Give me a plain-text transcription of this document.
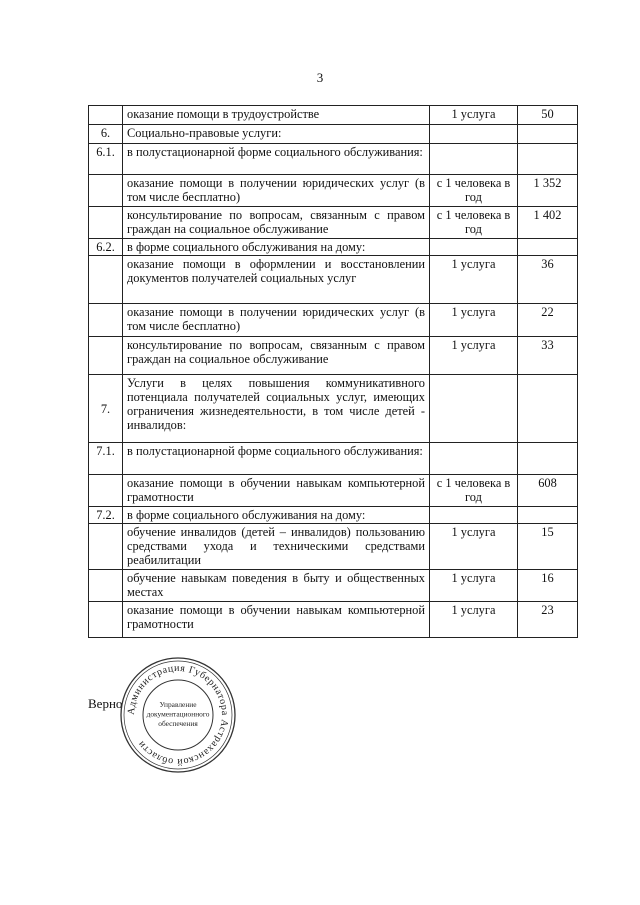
3
	оказание помощи в трудоустройстве	1 услуга	50
6.	Социально-правовые услуги:		
6.1.	в полустационарной форме социального обслуживания:		
	оказание помощи в получении юридических услуг (в том числе бесплатно)	с 1 человека в год	1 352
	консультирование по вопросам, связанным с правом граждан на социальное обслуживание	с 1 человека в год	1 402
6.2.	в форме социального обслуживания на дому:		
	оказание помощи в оформлении и восстановлении документов получателей социальных услуг	1 услуга	36
	оказание помощи в получении юридических услуг (в том числе бесплатно)	1 услуга	22
	консультирование по вопросам, связанным с правом граждан на социальное обслуживание	1 услуга	33
7.	Услуги в целях повышения коммуникативного потенциала получателей социальных услуг, имеющих ограничения жизнедеятельности, в том числе детей - инвалидов:		
7.1.	в полустационарной форме социального обслуживания:		
	оказание помощи в обучении навыкам компьютерной грамотности	с 1 человека в год	608
7.2.	в форме социального обслуживания на дому:		
	обучение инвалидов (детей – инвалидов) пользованию средствами ухода и техническими средствами реабилитации	1 услуга	15
	обучение навыкам поведения в быту и общественных местах	1 услуга	16
	оказание помощи в обучении навыкам компьютерной грамотности	1 услуга	23
Верно Администрация Губернатора Астраханской области
Управление документационного обеспечения
